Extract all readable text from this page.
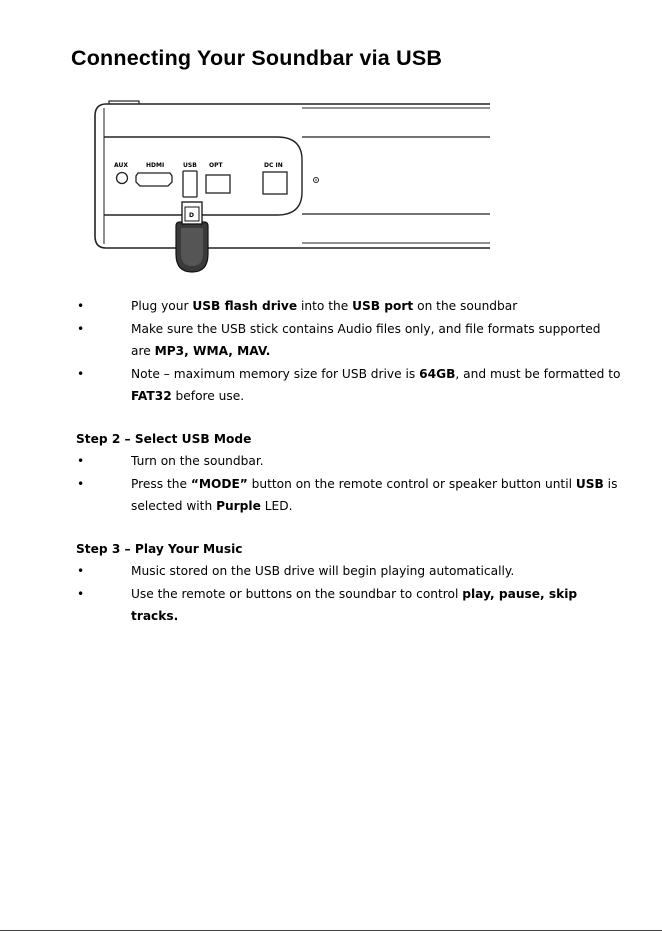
Connecting Your Soundbar via USB
AUX	HDMI	USB OPT	DC IN
D
•	Plug your USB flash drive into the USB port on the soundbar
•	Make sure the USB stick contains Audio files only, and file formats supported are MP3, WMA, MAV.
•	Note – maximum memory size for USB drive is 64GB, and must be formatted to FAT32 before use.
Step 2 – Select USB Mode
•	Turn on the soundbar.
•	Press the “MODE” button on the remote control or speaker button until USB is selected with Purple LED.
Step 3 – Play Your Music
•	Music stored on the USB drive will begin playing automatically.
•	Use the remote or buttons on the soundbar to control play, pause, skip tracks.
